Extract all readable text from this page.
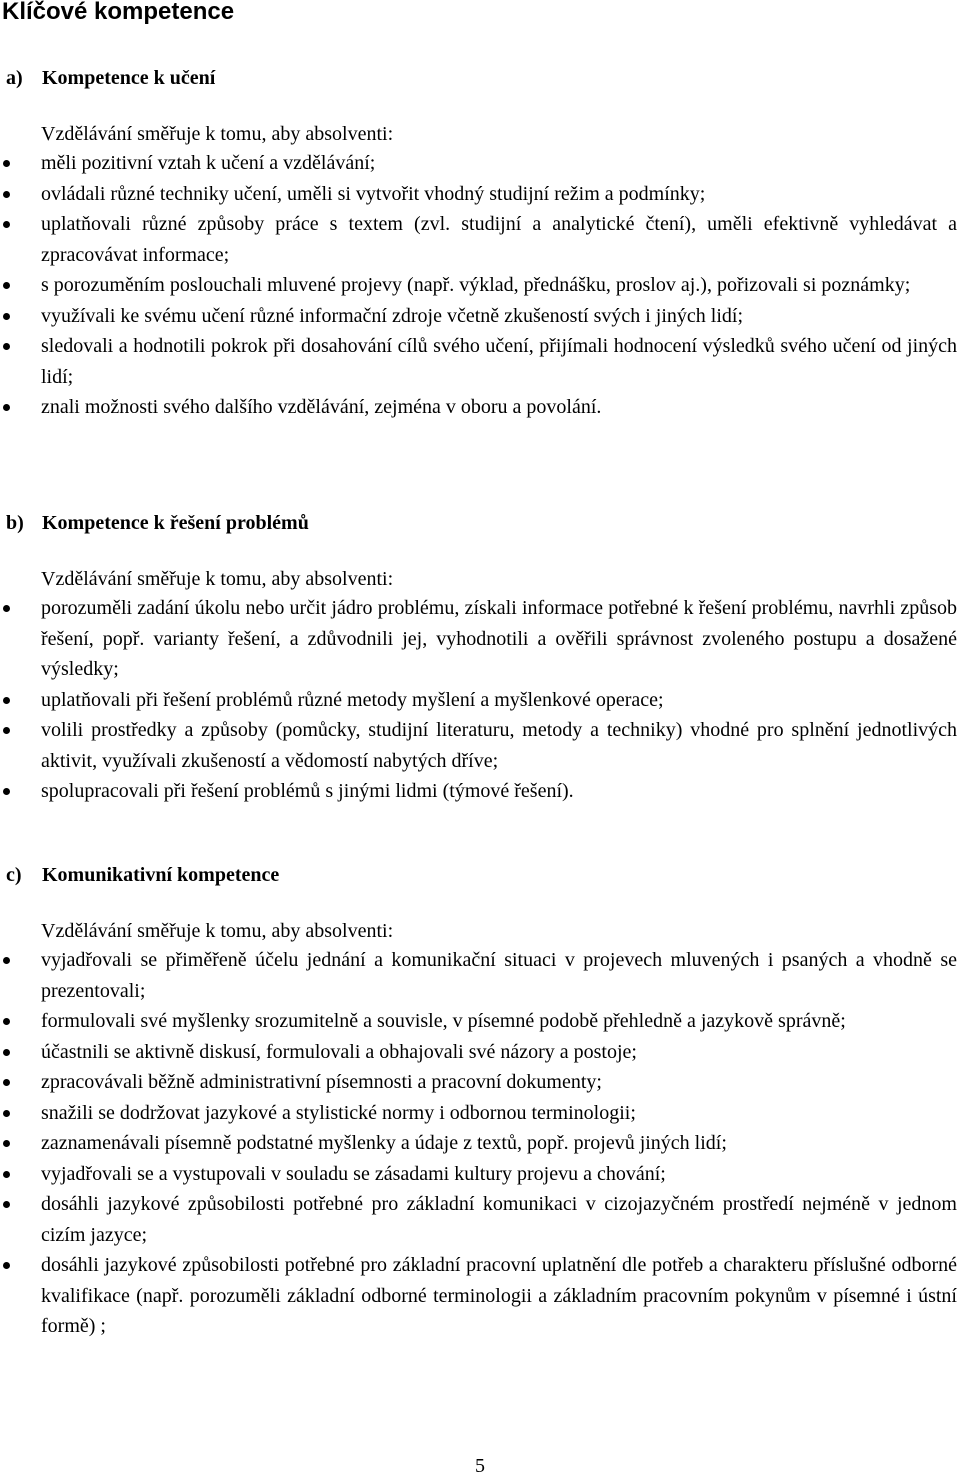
Klíčové kompetence

a) Kompetence k učení

Vzdělávání směřuje k tomu, aby absolventi:

měli pozitivní vztah k učení a vzdělávání;
ovládali různé techniky učení, uměli si vytvořit vhodný studijní režim a podmínky;
uplatňovali různé způsoby práce s textem (zvl. studijní a analytické čtení), uměli efektivně vyhledávat a zpracovávat informace;
s porozuměním poslouchali mluvené projevy (např. výklad, přednášku, proslov aj.), pořizovali si poznámky;
využívali ke svému učení různé informační zdroje včetně zkušeností svých i jiných lidí;
sledovali a hodnotili pokrok při dosahování cílů svého učení, přijímali hodnocení výsledků svého učení od jiných lidí;
znali možnosti svého dalšího vzdělávání, zejména v oboru a povolání.

b) Kompetence k řešení problémů

Vzdělávání směřuje k tomu, aby absolventi:

porozuměli zadání úkolu nebo určit jádro problému, získali informace potřebné k řešení problému, navrhli způsob řešení, popř. varianty řešení, a zdůvodnili jej, vyhodnotili a ověřili správnost zvoleného postupu a dosažené výsledky;
uplatňovali při řešení problémů různé metody myšlení a myšlenkové operace;
volili prostředky a způsoby (pomůcky, studijní literaturu, metody a techniky) vhodné pro splnění jednotlivých aktivit, využívali zkušeností a vědomostí nabytých dříve;
spolupracovali při řešení problémů s jinými lidmi (týmové řešení).

c) Komunikativní kompetence

Vzdělávání směřuje k tomu, aby absolventi:

vyjadřovali se přiměřeně účelu jednání a komunikační situaci v projevech mluvených i psaných a vhodně se prezentovali;
formulovali své myšlenky srozumitelně a souvisle, v písemné podobě přehledně a jazykově správně;
účastnili se aktivně diskusí, formulovali a obhajovali své názory a postoje;
zpracovávali běžně administrativní písemnosti a pracovní dokumenty;
snažili se dodržovat jazykové a stylistické normy i odbornou terminologii;
zaznamenávali písemně podstatné myšlenky a údaje z textů, popř. projevů jiných lidí;
vyjadřovali se a vystupovali v souladu se zásadami kultury projevu a chování;
dosáhli jazykové způsobilosti potřebné pro základní komunikaci v cizojazyčném prostředí nejméně v jednom cizím jazyce;
dosáhli jazykové způsobilosti potřebné pro základní pracovní uplatnění dle potřeb a charakteru příslušné odborné kvalifikace (např. porozuměli základní odborné terminologii a základním pracovním pokynům v písemné i ústní formě) ;
5
